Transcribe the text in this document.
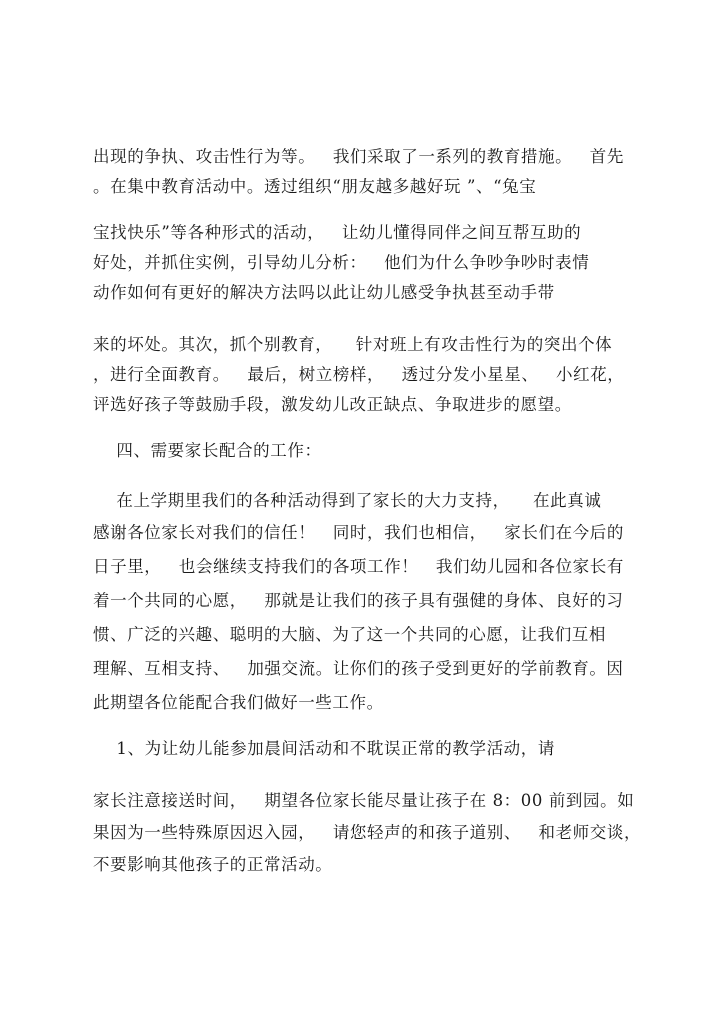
出现的争执、攻击性行为等。   我们采取了一系列的教育措施。   首先
。在集中教育活动中。透过组织“朋友越多越好玩 ”、“兔宝
宝找快乐”等各种形式的活动，   让幼儿懂得同伴之间互帮互助的
好处，并抓住实例，引导幼儿分析：   他们为什么争吵争吵时表情
动作如何有更好的解决方法吗以此让幼儿感受争执甚至动手带
来的坏处。其次，抓个别教育，    针对班上有攻击性行为的突出个体
，进行全面教育。   最后，树立榜样，   透过分发小星星、   小红花，
评选好孩子等鼓励手段，激发幼儿改正缺点、争取进步的愿望。
四、需要家长配合的工作：
在上学期里我们的各种活动得到了家长的大力支持，    在此真诚
感谢各位家长对我们的信任！   同时，我们也相信，   家长们在今后的
日子里，   也会继续支持我们的各项工作！   我们幼儿园和各位家长有
着一个共同的心愿，   那就是让我们的孩子具有强健的身体、良好的习
惯、广泛的兴趣、聪明的大脑、为了这一个共同的心愿，让我们互相
理解、互相支持、   加强交流。让你们的孩子受到更好的学前教育。因
此期望各位能配合我们做好一些工作。
1、为让幼儿能参加晨间活动和不耽误正常的教学活动，请
家长注意接送时间，   期望各位家长能尽量让孩子在 8：00 前到园。如
果因为一些特殊原因迟入园，   请您轻声的和孩子道别、   和老师交谈，
不要影响其他孩子的正常活动。
